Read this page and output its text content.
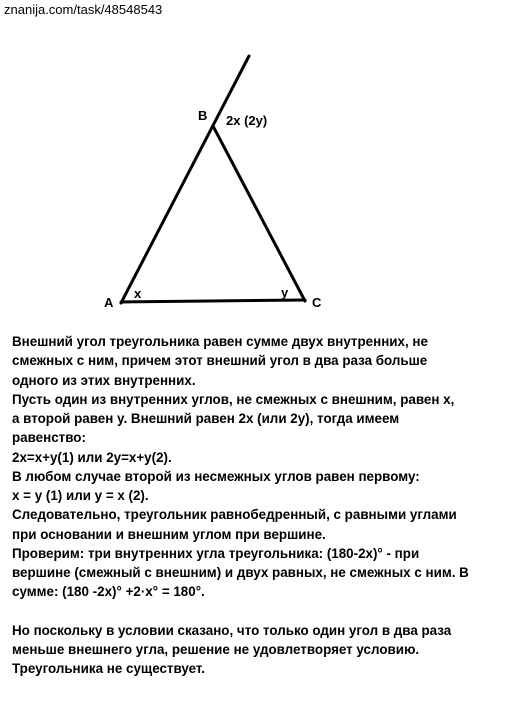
znanija.com/task/48548543
B 2x (2y)
A
x	y
C
Внешний угол треугольника равен сумме двух внутренних, не
смежных с ним, причем этот внешний угол в два раза больше
одного из этих внутренних.
Пусть один из внутренних углов, не смежных с внешним, равен x,
а второй равен y. Внешний равен 2x (или 2y), тогда имеем
равенство:
2x=x+y(1) или 2y=x+y(2).
В любом случае второй из несмежных углов равен первому:
x = y (1) или y = x (2).
Следовательно, треугольник равнобедренный, с равными углами
при основании и внешним углом при вершине.
Проверим: три внутренних угла треугольника: (180-2x)° - при
вершине (смежный с внешним) и двух равных, не смежных с ним. В
сумме: (180 -2x)° +2·x° = 180°.
Но поскольку в условии сказано, что только один угол в два раза
меньше внешнего угла, решение не удовлетворяет условию.
Треугольника не существует.
